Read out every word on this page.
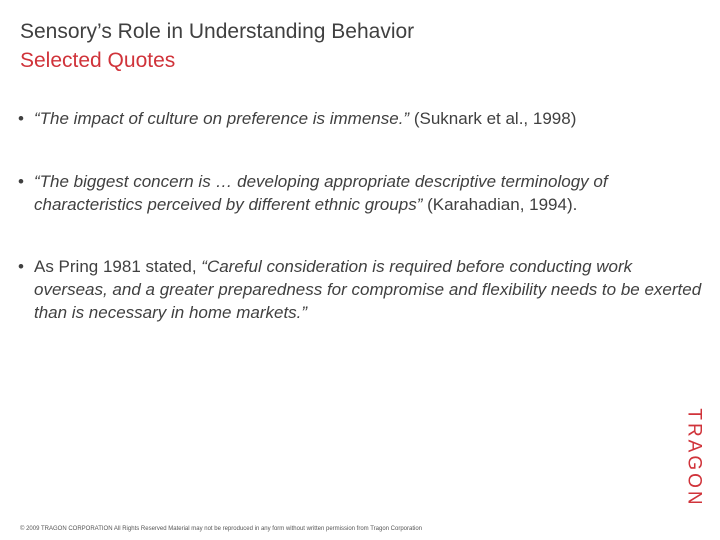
Sensory’s Role in Understanding Behavior
Selected Quotes
• “The impact of culture on preference is immense.” (Suknark et al., 1998)
• “The biggest concern is … developing appropriate descriptive terminology of characteristics perceived by different ethnic groups” (Karahadian, 1994).
• As Pring 1981 stated, “Careful consideration is required before conducting work overseas, and a greater preparedness for compromise and flexibility needs to be exerted than is necessary in home markets.”
TRAGON
© 2009 TRAGON CORPORATION All Rights Reserved Material may not be reproduced in any form without written permission from Tragon Corporation
